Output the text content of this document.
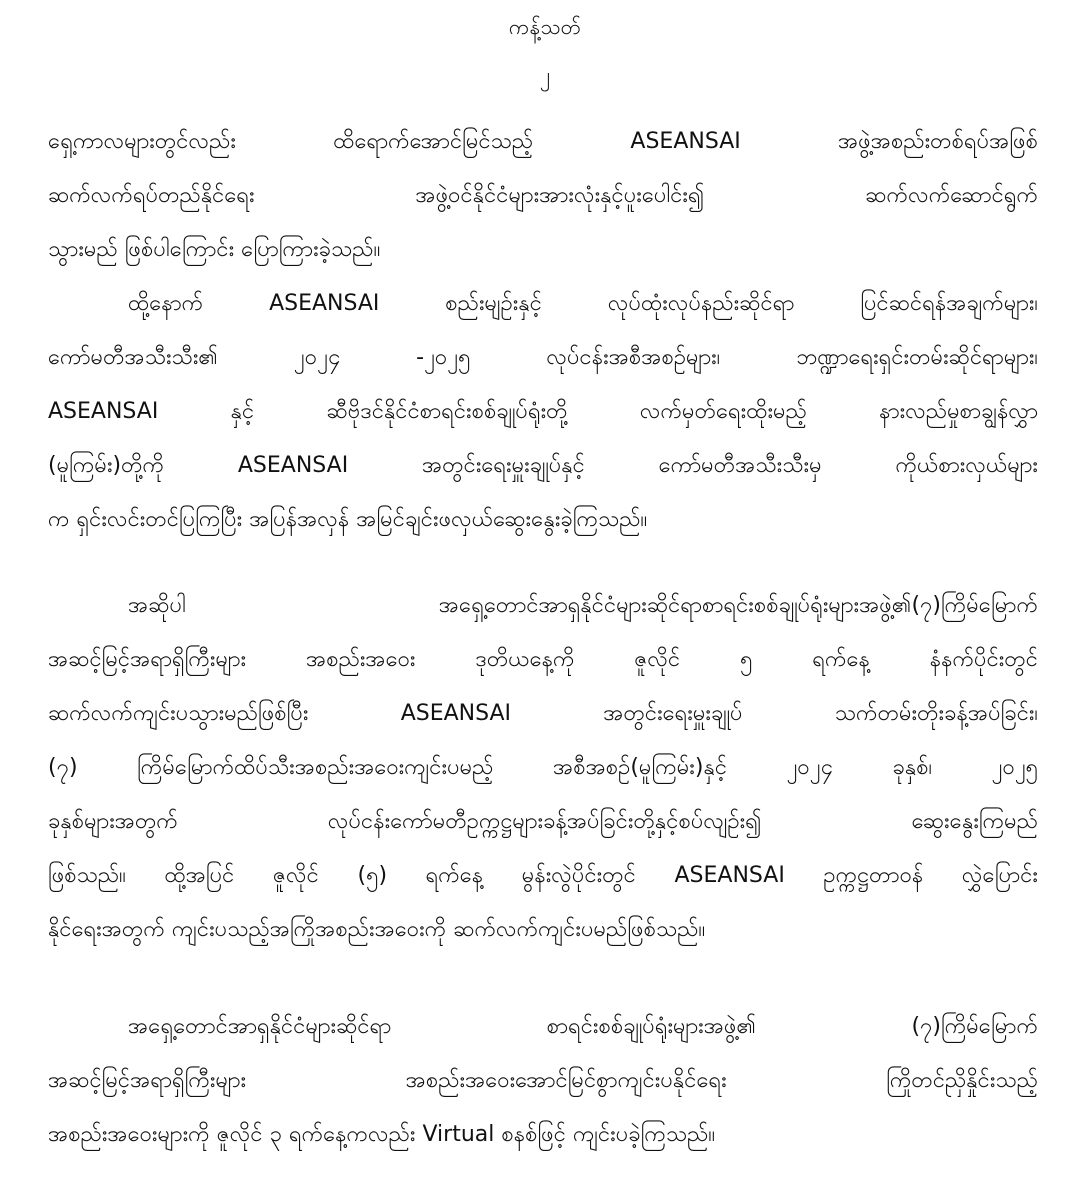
ကန့်သတ်
၂
ရှေ့ကာလများတွင်လည်း ထိရောက်အောင်မြင်သည့် ASEANSAI အဖွဲ့အစည်းတစ်ရပ်အဖြစ်
ဆက်လက်ရပ်တည်နိုင်ရေး အဖွဲ့ဝင်နိုင်ငံများအားလုံးနှင့်ပူးပေါင်း၍ ဆက်လက်ဆောင်ရွက်
သွားမည် ဖြစ်ပါကြောင်း ပြောကြားခဲ့သည်။
ထို့နောက် ASEANSAI စည်းမျဉ်းနှင့် လုပ်ထုံးလုပ်နည်းဆိုင်ရာ ပြင်ဆင်ရန်အချက်များ၊
ကော်မတီအသီးသီး၏ ၂၀၂၄ -၂၀၂၅ လုပ်ငန်းအစီအစဉ်များ၊ ဘဏ္ဍာရေးရှင်းတမ်းဆိုင်ရာများ၊
ASEANSAI နှင့် ဆီဗိုဒင်နိုင်ငံစာရင်းစစ်ချုပ်ရုံးတို့ လက်မှတ်ရေးထိုးမည့် နားလည်မှုစာချွန်လွှာ
(မူကြမ်း)တို့ကို ASEANSAI အတွင်းရေးမှူးချုပ်နှင့် ကော်မတီအသီးသီးမှ ကိုယ်စားလှယ်များ
က ရှင်းလင်းတင်ပြကြပြီး အပြန်အလှန် အမြင်ချင်းဖလှယ်ဆွေးနွေးခဲ့ကြသည်။
အဆိုပါ အရှေ့တောင်အာရှနိုင်ငံများဆိုင်ရာစာရင်းစစ်ချုပ်ရုံးများအဖွဲ့၏(၇)ကြိမ်မြောက်
အဆင့်မြင့်အရာရှိကြီးများ အစည်းအဝေး ဒုတိယနေ့ကို ဇူလိုင် ၅ ရက်နေ့ နံနက်ပိုင်းတွင်
ဆက်လက်ကျင်းပသွားမည်ဖြစ်ပြီး ASEANSAI အတွင်းရေးမှူးချုပ် သက်တမ်းတိုးခန့်အပ်ခြင်း၊
(၇) ကြိမ်မြောက်ထိပ်သီးအစည်းအဝေးကျင်းပမည့် အစီအစဉ်(မူကြမ်း)နှင့် ၂၀၂၄ ခုနှစ်၊ ၂၀၂၅
ခုနှစ်များအတွက် လုပ်ငန်းကော်မတီဥက္ကဋ္ဌများခန့်အပ်ခြင်းတို့နှင့်စပ်လျဉ်း၍ ဆွေးနွေးကြမည်
ဖြစ်သည်။ ထို့အပြင် ဇူလိုင် (၅) ရက်နေ့ မွန်းလွဲပိုင်းတွင် ASEANSAI ဥက္ကဋ္ဌတာဝန် လွှဲပြောင်း
နိုင်ရေးအတွက် ကျင်းပသည့်အကြိုအစည်းအဝေးကို ဆက်လက်ကျင်းပမည်ဖြစ်သည်။
အရှေ့တောင်အာရှနိုင်ငံများဆိုင်ရာ စာရင်းစစ်ချုပ်ရုံးများအဖွဲ့၏ (၇)ကြိမ်မြောက်
အဆင့်မြင့်အရာရှိကြီးများ အစည်းအဝေးအောင်မြင်စွာကျင်းပနိုင်ရေး ကြိုတင်ညှိနှိုင်းသည့်
အစည်းအဝေးများကို ဇူလိုင် ၃ ရက်နေ့ကလည်း Virtual စနစ်ဖြင့် ကျင်းပခဲ့ကြသည်။
